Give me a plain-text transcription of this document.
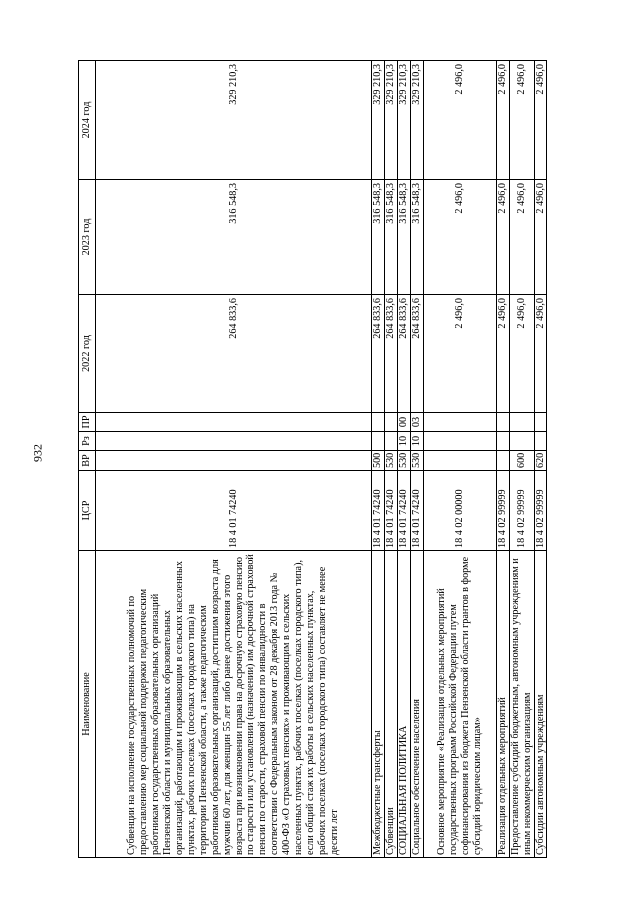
932
Наименование	ЦСР	ВР	Рз	ПР	2022 год	2023 год	2024 год
Субвенции на исполнение государственных полномочий по предоставлению мер социальной поддержки педагогическим работникам государственных образовательных организаций Пензенской области и муниципальных образовательных организаций, работающим и проживающим в сельских населенных пунктах, рабочих поселках (поселках городского типа) на территории Пензенской области, а также педагогическим работникам образовательных организаций, достигшим возраста для мужчин 60 лет, для женщин 55 лет либо ранее достижения этого возраста при возникновении права на досрочную страховую пенсию по старости или установлении (назначении) им досрочной страховой пенсии по старости, страховой пенсии по инвалидности в соответствии с Федеральным законом от 28 декабря 2013 года № 400-ФЗ «О страховых пенсиях» и проживающим в сельских населенных пунктах, рабочих поселках (поселках городского типа), если общий стаж их работы в сельских населенных пунктах, рабочих поселках (поселках городского типа) составляет не менее десяти лет	18 4 01 74240				264 833,6	316 548,3	329 210,3
Межбюджетные трансферты	18 4 01 74240	500			264 833,6	316 548,3	329 210,3
Субвенции	18 4 01 74240	530			264 833,6	316 548,3	329 210,3
СОЦИАЛЬНАЯ ПОЛИТИКА	18 4 01 74240	530	10	00	264 833,6	316 548,3	329 210,3
Социальное обеспечение населения	18 4 01 74240	530	10	03	264 833,6	316 548,3	329 210,3
Основное мероприятие «Реализация отдельных мероприятий государственных программ Российской Федерации путем софинансирования из бюджета Пензенской области грантов в форме субсидий юридическим лицам»	18 4 02 00000				2 496,0	2 496,0	2 496,0
Реализация отдельных мероприятий	18 4 02 99999				2 496,0	2 496,0	2 496,0
Предоставление субсидий бюджетным, автономным учреждениям и иным некоммерческим организациям	18 4 02 99999	600			2 496,0	2 496,0	2 496,0
Субсидии автономным учреждениям	18 4 02 99999	620			2 496,0	2 496,0	2 496,0
